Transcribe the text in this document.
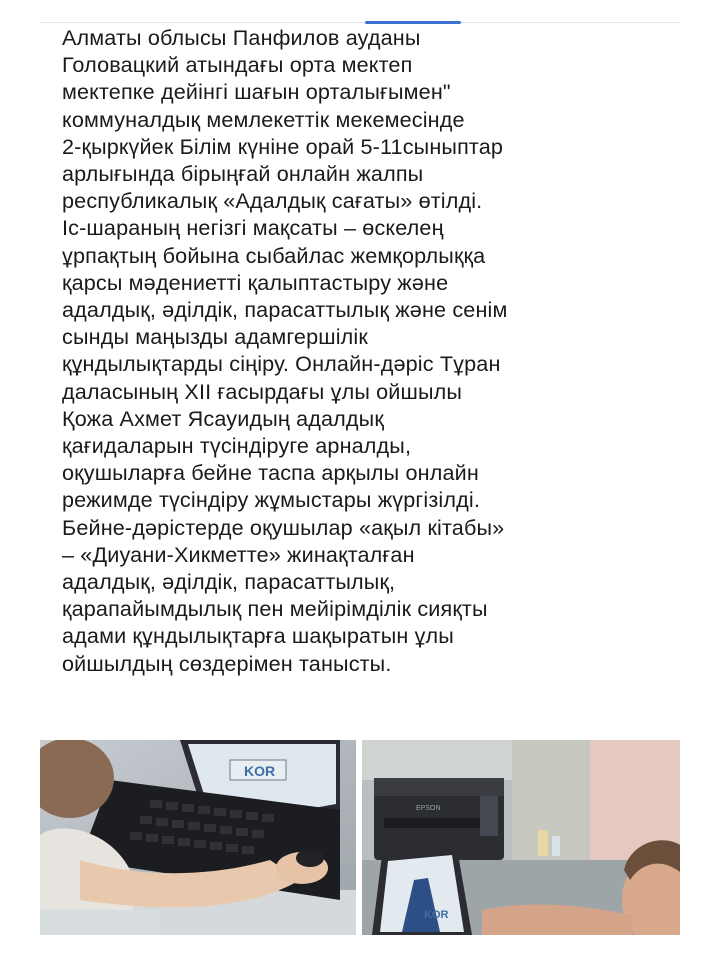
Алматы облысы Панфилов ауданы
Головацкий атындағы орта мектеп
мектепке дейінгі шағын орталығымен"
коммуналдық мемлекеттік мекемесінде
2-қыркүйек Білім күніне орай 5-11сыныптар
арлығында бірыңғай онлайн жалпы
республикалық «Адалдық сағаты» өтілді.
Іс-шараның негізгі мақсаты – өскелең
ұрпақтың бойына сыбайлас жемқорлыққа
қарсы мәдениетті қалыптастыру және
адалдық, әділдік, парасаттылық және сенім
сынды маңызды адамгершілік
құндылықтарды сіңіру. Онлайн-дәріс Тұран
даласының XII ғасырдағы ұлы ойшылы
Қожа Ахмет Ясауидың адалдық
қағидаларын түсіндіруге арналды,
оқушыларға бейне таспа арқылы онлайн
режимде түсіндіру жұмыстары жүргізілді.
Бейне-дәрістерде оқушылар «ақыл кітабы»
– «Диуани-Хикметте» жинақталған
адалдық, әділдік, парасаттылық,
қарапайымдылық пен мейірімділік сияқты
адами құндылықтарға шақыратын ұлы
ойшылдың сөздерімен танысты.

KOR
EPSON
KOR
